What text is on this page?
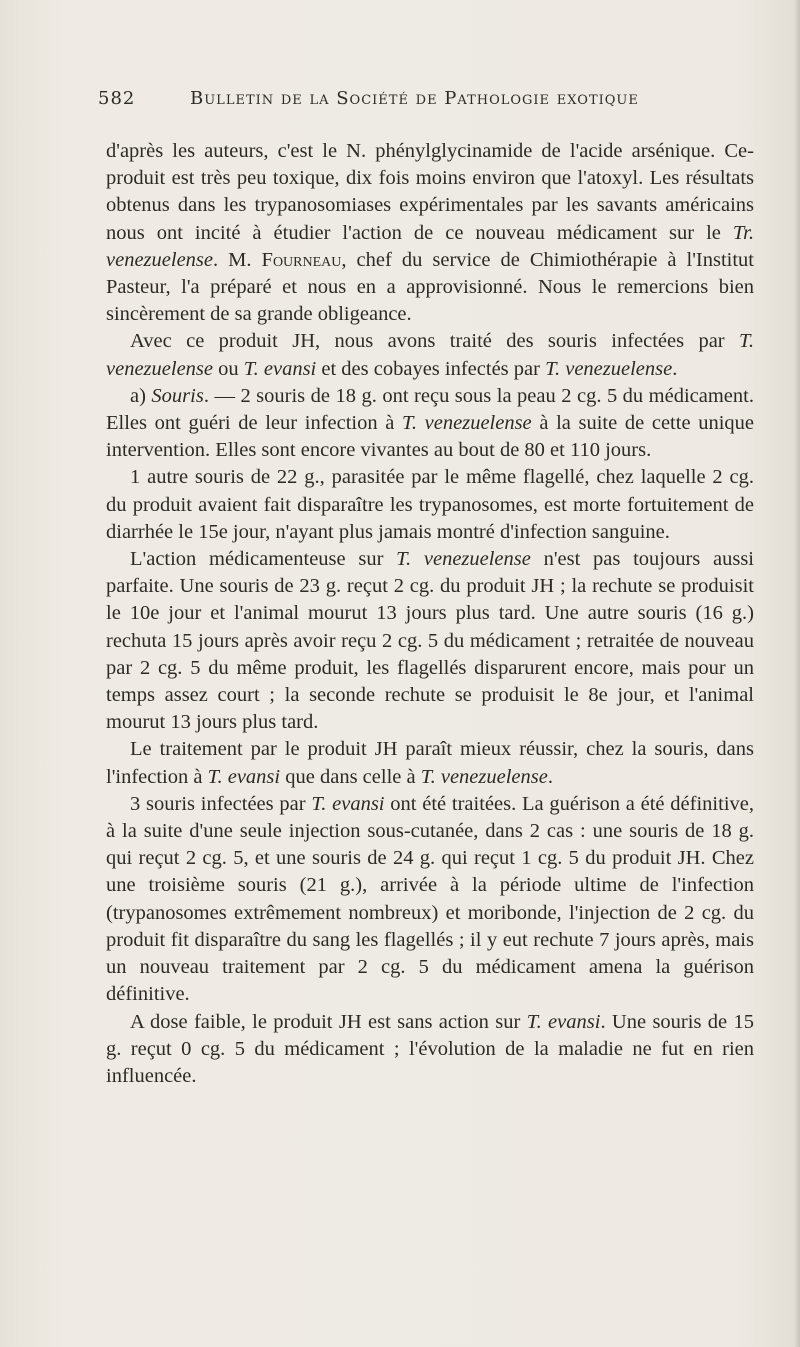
582	Bulletin de la Société de Pathologie exotique

d'après les auteurs, c'est le N. phénylglycinamide de l'acide arsénique. Ce-produit est très peu toxique, dix fois moins environ que l'atoxyl. Les résultats obtenus dans les trypanosomiases expérimentales par les savants américains nous ont incité à étudier l'action de ce nouveau médicament sur le Tr. venezuelense. M. Fourneau, chef du service de Chimiothérapie à l'Institut Pasteur, l'a préparé et nous en a approvisionné. Nous le remercions bien sincèrement de sa grande obligeance.

Avec ce produit JH, nous avons traité des souris infectées par T. venezuelense ou T. evansi et des cobayes infectés par T. venezuelense.

a) Souris. — 2 souris de 18 g. ont reçu sous la peau 2 cg. 5 du médicament. Elles ont guéri de leur infection à T. venezuelense à la suite de cette unique intervention. Elles sont encore vivantes au bout de 80 et 110 jours.

1 autre souris de 22 g., parasitée par le même flagellé, chez laquelle 2 cg. du produit avaient fait disparaître les trypanosomes, est morte fortuitement de diarrhée le 15e jour, n'ayant plus jamais montré d'infection sanguine.

L'action médicamenteuse sur T. venezuelense n'est pas toujours aussi parfaite. Une souris de 23 g. reçut 2 cg. du produit JH ; la rechute se produisit le 10e jour et l'animal mourut 13 jours plus tard. Une autre souris (16 g.) rechuta 15 jours après avoir reçu 2 cg. 5 du médicament ; retraitée de nouveau par 2 cg. 5 du même produit, les flagellés disparurent encore, mais pour un temps assez court ; la seconde rechute se produisit le 8e jour, et l'animal mourut 13 jours plus tard.

Le traitement par le produit JH paraît mieux réussir, chez la souris, dans l'infection à T. evansi que dans celle à T. venezuelense.

3 souris infectées par T. evansi ont été traitées. La guérison a été définitive, à la suite d'une seule injection sous-cutanée, dans 2 cas : une souris de 18 g. qui reçut 2 cg. 5, et une souris de 24 g. qui reçut 1 cg. 5 du produit JH. Chez une troisième souris (21 g.), arrivée à la période ultime de l'infection (trypanosomes extrêmement nombreux) et moribonde, l'injection de 2 cg. du produit fit disparaître du sang les flagellés ; il y eut rechute 7 jours après, mais un nouveau traitement par 2 cg. 5 du médicament amena la guérison définitive.

A dose faible, le produit JH est sans action sur T. evansi. Une souris de 15 g. reçut 0 cg. 5 du médicament ; l'évolution de la maladie ne fut en rien influencée.
